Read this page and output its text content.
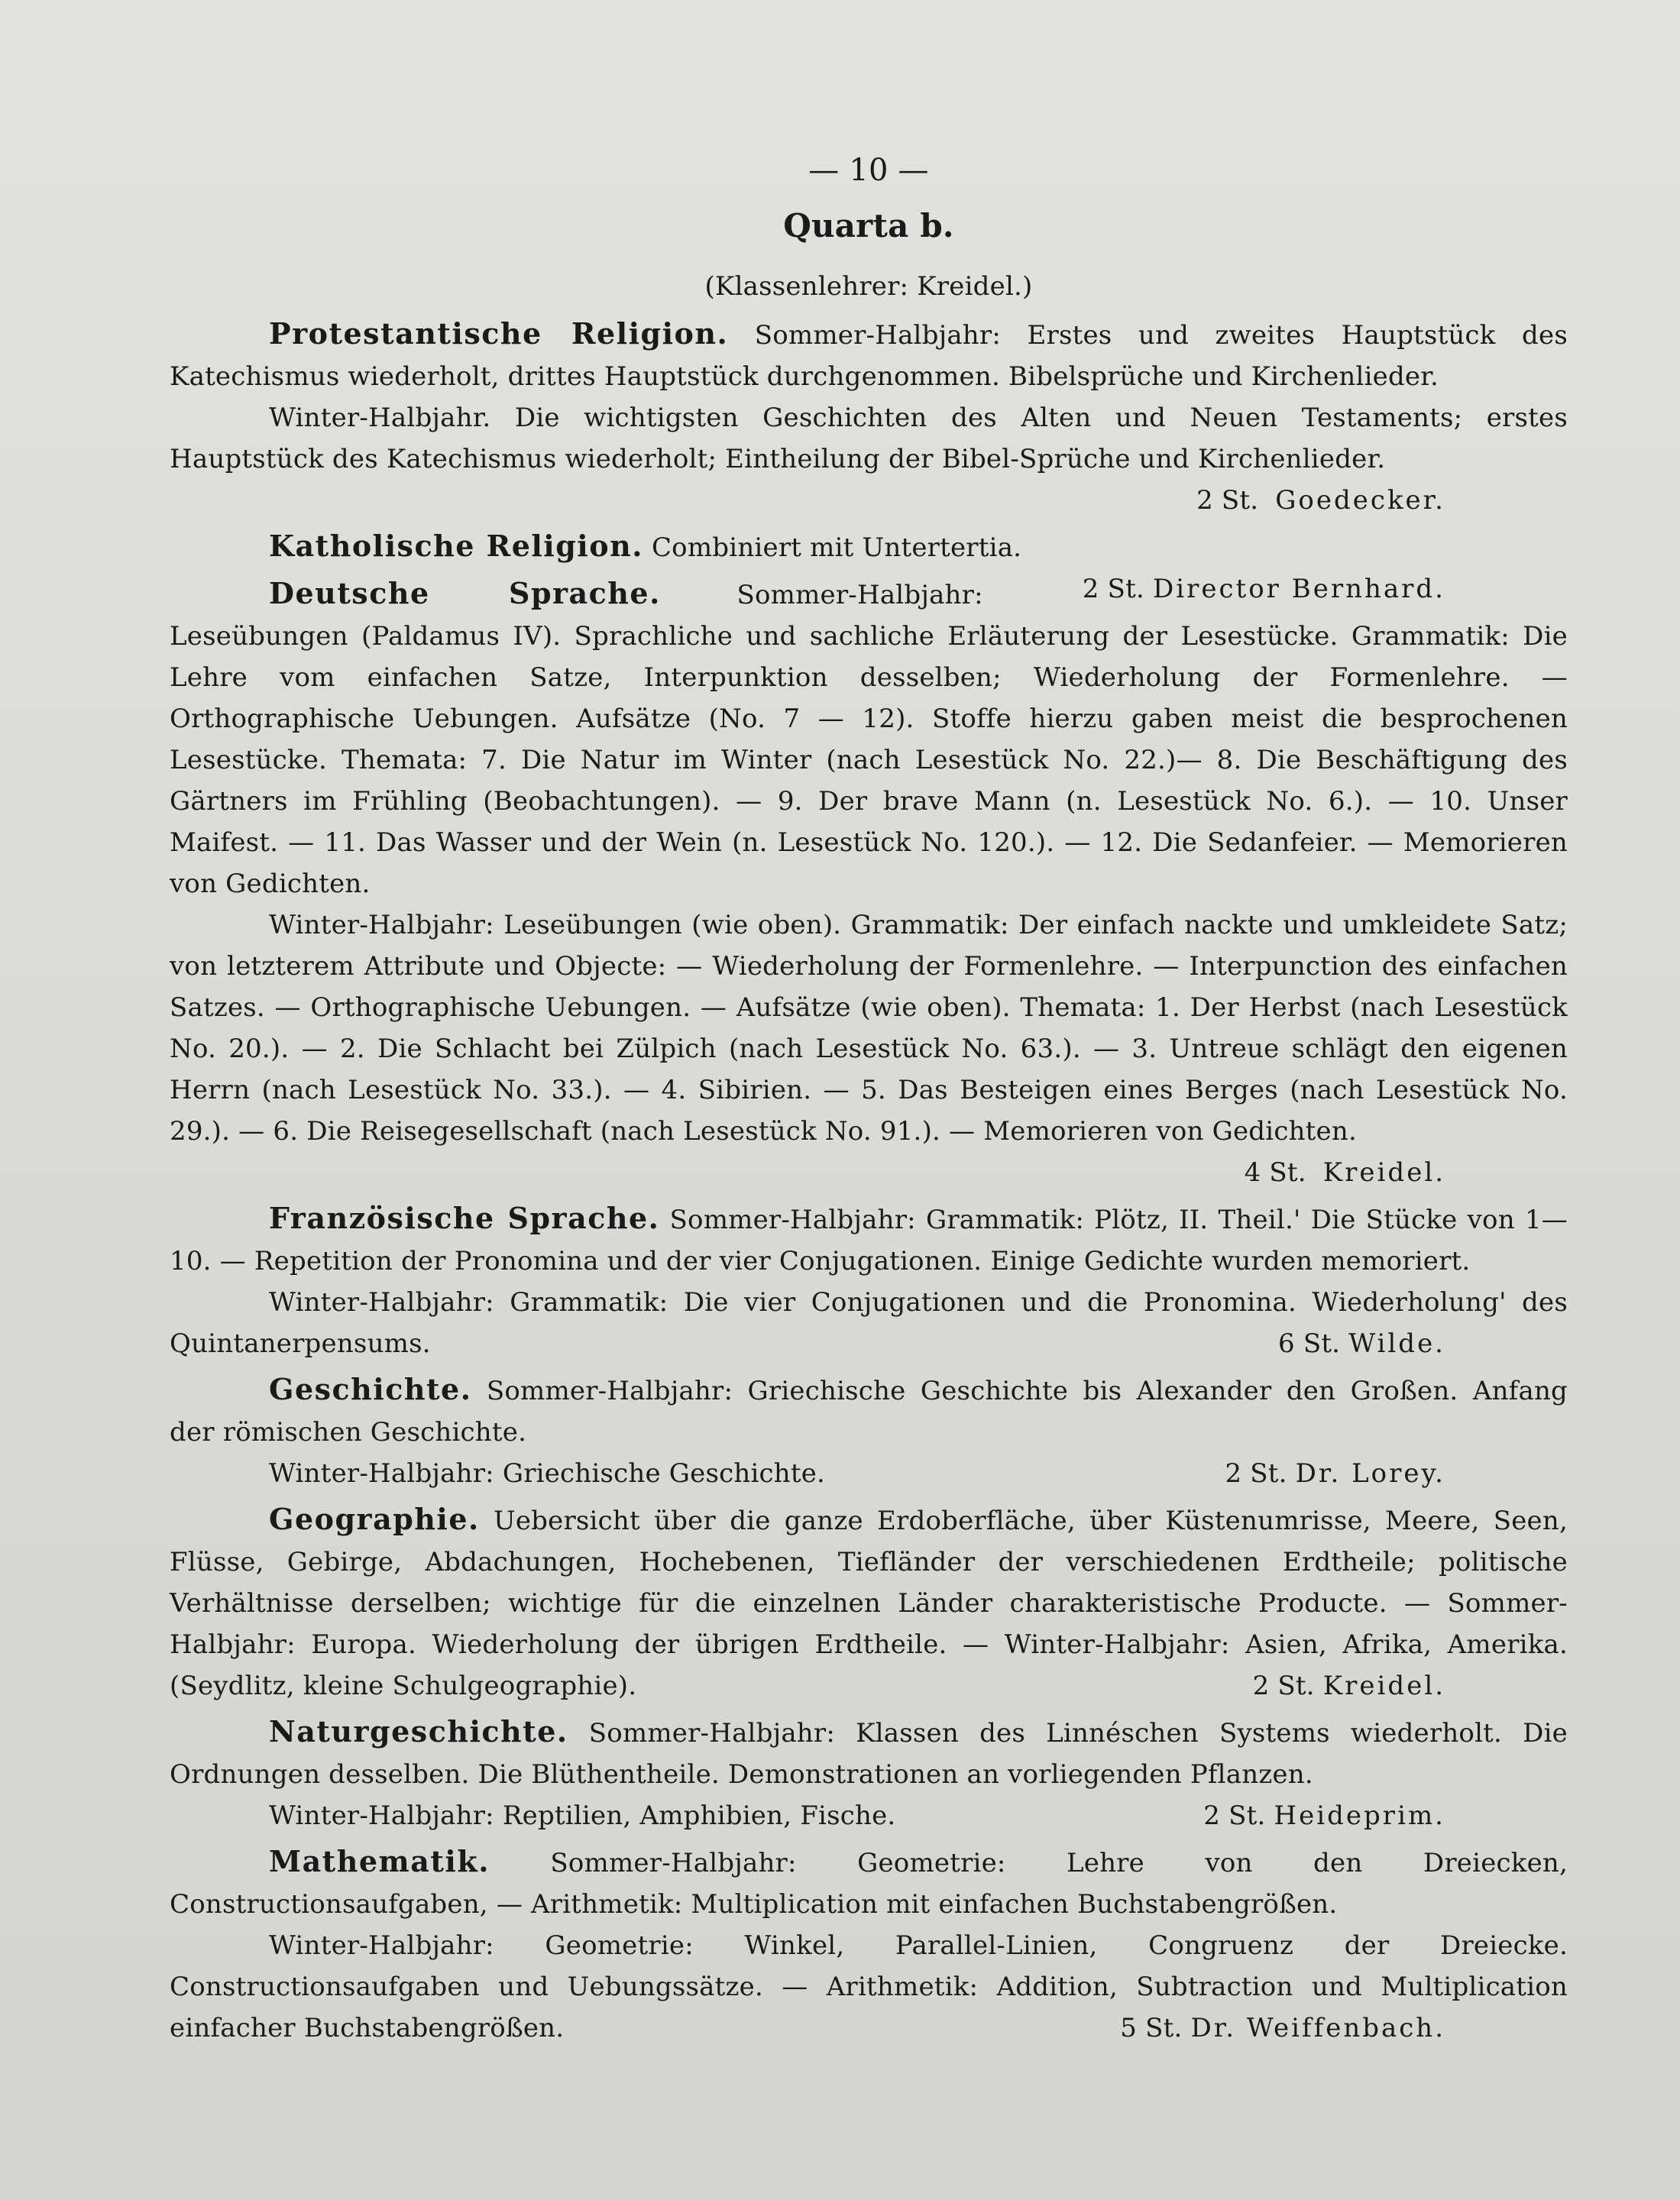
— 10 —
Quarta b.
(Klassenlehrer: Kreidel.)

Protestantische Religion. Sommer-Halbjahr: Erstes und zweites Hauptstück des Katechismus wiederholt, drittes Hauptstück durchgenommen. Bibelsprüche und Kirchenlieder.

Winter-Halbjahr. Die wichtigsten Geschichten des Alten und Neuen Testaments; erstes Hauptstück des Katechismus wiederholt; Eintheilung der Bibel-Sprüche und Kirchenlieder.

2 St. Goedecker.

Katholische Religion. Combiniert mit Untertertia.
2 St. Director Bernhard.

Deutsche Sprache.	Sommer-Halbjahr: Leseübungen (Paldamus IV). Sprachliche und sachliche Erläuterung der Lesestücke. Grammatik: Die Lehre vom einfachen Satze, Interpunktion desselben; Wiederholung der Formenlehre. — Orthographische Uebungen. Aufsätze (No. 7 — 12). Stoffe hierzu gaben meist die besprochenen Lesestücke. Themata: 7. Die Natur im Winter (nach Lesestück No. 22.)— 8. Die Beschäftigung des Gärtners im Frühling (Beobachtungen). — 9. Der brave Mann (n. Lesestück No. 6.). — 10. Unser Maifest. — 11. Das Wasser und der Wein (n. Lesestück No. 120.). — 12. Die Sedanfeier. — Memorieren von Gedichten.

Winter-Halbjahr: Leseübungen (wie oben). Grammatik: Der einfach nackte und umkleidete Satz; von letzterem Attribute und Objecte: — Wiederholung der Formenlehre. — Interpunction des einfachen Satzes. — Orthographische Uebungen. — Aufsätze (wie oben). Themata: 1. Der Herbst (nach Lesestück No. 20.). — 2. Die Schlacht bei Zülpich (nach Lesestück No. 63.). — 3. Untreue schlägt den eigenen Herrn (nach Lesestück No. 33.). — 4. Sibirien. — 5. Das Besteigen eines Berges (nach Lesestück No. 29.). — 6. Die Reisegesellschaft (nach Lesestück No. 91.). — Memorieren von Gedichten.

4 St. Kreidel.

Französische Sprache. Sommer-Halbjahr: Grammatik: Plötz, II. Theil.' Die Stücke von 1—10. — Repetition der Pronomina und der vier Conjugationen. Einige Gedichte wurden memoriert.

Winter-Halbjahr: Grammatik: Die vier Conjugationen und die Pronomina. Wiederholung' des Quintanerpensums.	6 St. Wilde.

Geschichte. Sommer-Halbjahr: Griechische Geschichte bis Alexander den Großen. Anfang der römischen Geschichte.

Winter-Halbjahr: Griechische Geschichte.	2 St. Dr. Lorey.

Geographie. Uebersicht über die ganze Erdoberfläche, über Küstenumrisse, Meere, Seen, Flüsse, Gebirge, Abdachungen, Hochebenen, Tiefländer der verschiedenen Erdtheile; politische Verhältnisse derselben; wichtige für die einzelnen Länder charakteristische Producte. — Sommer-Halbjahr: Europa. Wiederholung der übrigen Erdtheile. — Winter-Halbjahr: Asien, Afrika, Amerika. (Seydlitz, kleine Schulgeographie).	2 St. Kreidel.

Naturgeschichte. Sommer-Halbjahr: Klassen des Linnéschen Systems wiederholt. Die Ordnungen desselben. Die Blüthentheile. Demonstrationen an vorliegenden Pflanzen.

Winter-Halbjahr: Reptilien, Amphibien, Fische.	2 St. Heideprim.

Mathematik. Sommer-Halbjahr: Geometrie: Lehre von den Dreiecken, Constructionsaufgaben, — Arithmetik: Multiplication mit einfachen Buchstabengrößen.

Winter-Halbjahr: Geometrie: Winkel, Parallel-Linien, Congruenz der Dreiecke. Constructionsaufgaben und Uebungssätze. — Arithmetik: Addition, Subtraction und Multiplication einfacher Buchstabengrößen.	5 St. Dr. Weiffenbach.
